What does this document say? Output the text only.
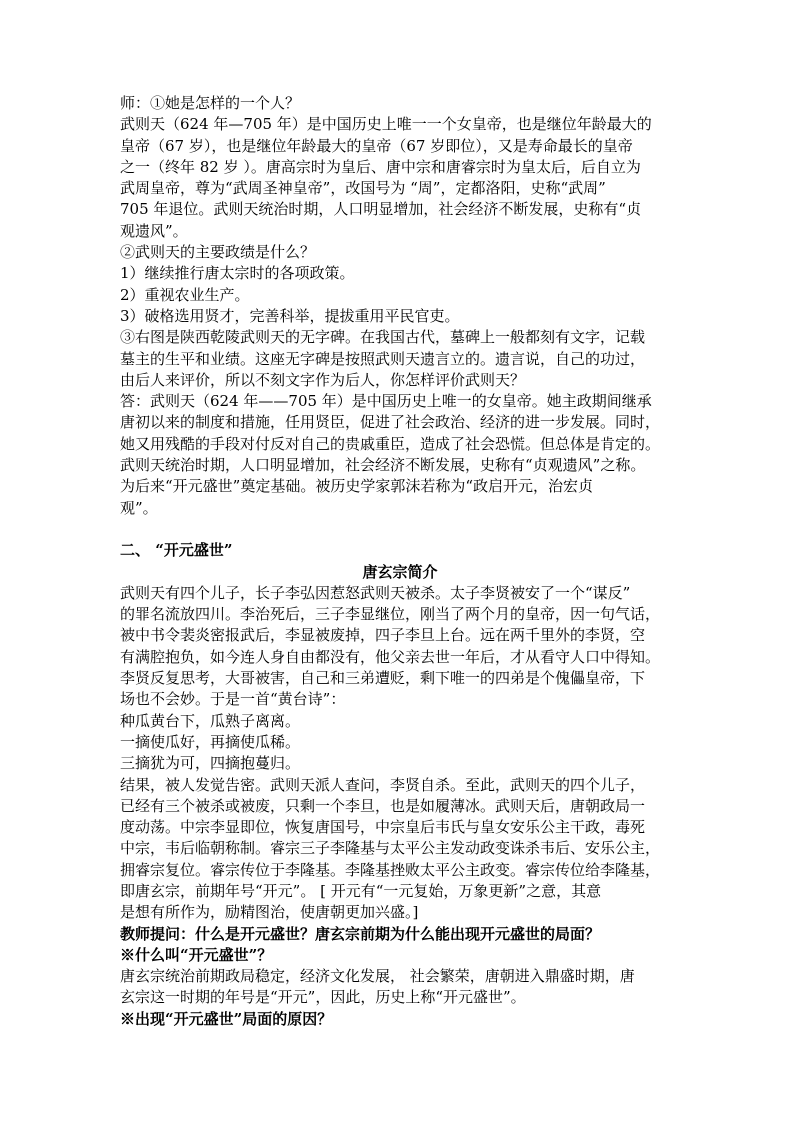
师：①她是怎样的一个人？
武则天（624 年—705 年）是中国历史上唯一一个女皇帝，也是继位年龄最大的
皇帝（67 岁），也是继位年龄最大的皇帝（67 岁即位），又是寿命最长的皇帝
之一（终年 82 岁 ）。唐高宗时为皇后、唐中宗和唐睿宗时为皇太后，后自立为
武周皇帝，尊为“武周圣神皇帝”，改国号为 “周”，定都洛阳，史称“武周”
705 年退位。武则天统治时期，人口明显增加，社会经济不断发展，史称有“贞
观遗风”。
②武则天的主要政绩是什么？
1）继续推行唐太宗时的各项政策。
2）重视农业生产。
3）破格选用贤才，完善科举，提拔重用平民官吏。
③右图是陕西乾陵武则天的无字碑。在我国古代，墓碑上一般都刻有文字，记载
墓主的生平和业绩。这座无字碑是按照武则天遗言立的。遗言说，自己的功过，
由后人来评价，所以不刻文字作为后人，你怎样评价武则天？
答：武则天（624 年——705 年）是中国历史上唯一的女皇帝。她主政期间继承
唐初以来的制度和措施，任用贤臣，促进了社会政治、经济的进一步发展。同时，
她又用残酷的手段对付反对自己的贵戚重臣，造成了社会恐慌。但总体是肯定的。
武则天统治时期，人口明显增加，社会经济不断发展，史称有“贞观遗风”之称。
为后来“开元盛世”奠定基础。被历史学家郭沫若称为“政启开元，治宏贞
观”。
二、 “开元盛世”
唐玄宗简介
武则天有四个儿子，长子李弘因惹怒武则天被杀。太子李贤被安了一个“谋反”
的罪名流放四川。李治死后，三子李显继位，刚当了两个月的皇帝，因一句气话，
被中书令裴炎密报武后，李显被废掉，四子李旦上台。远在两千里外的李贤，空
有满腔抱负，如今连人身自由都没有，他父亲去世一年后，才从看守人口中得知。
李贤反复思考，大哥被害，自己和三弟遭贬，剩下唯一的四弟是个傀儡皇帝，下
场也不会妙。于是一首“黄台诗”：
种瓜黄台下，瓜熟子离离。
一摘使瓜好，再摘使瓜稀。
三摘犹为可，四摘抱蔓归。
结果，被人发觉告密。武则天派人查问，李贤自杀。至此，武则天的四个儿子，
已经有三个被杀或被废，只剩一个李旦，也是如履薄冰。武则天后，唐朝政局一
度动荡。中宗李显即位，恢复唐国号，中宗皇后韦氏与皇女安乐公主干政，毒死
中宗，韦后临朝称制。睿宗三子李隆基与太平公主发动政变诛杀韦后、安乐公主，
拥睿宗复位。睿宗传位于李隆基。李隆基挫败太平公主政变。睿宗传位给李隆基，
即唐玄宗，前期年号“开元”。 [ 开元有“一元复始，万象更新”之意，其意
是想有所作为，励精图治，使唐朝更加兴盛。]
教师提问：什么是开元盛世？唐玄宗前期为什么能出现开元盛世的局面？
※什么叫“开元盛世”？
唐玄宗统治前期政局稳定，经济文化发展， 社会繁荣，唐朝进入鼎盛时期，唐
玄宗这一时期的年号是“开元”，因此，历史上称“开元盛世”。
※出现“开元盛世”局面的原因？
